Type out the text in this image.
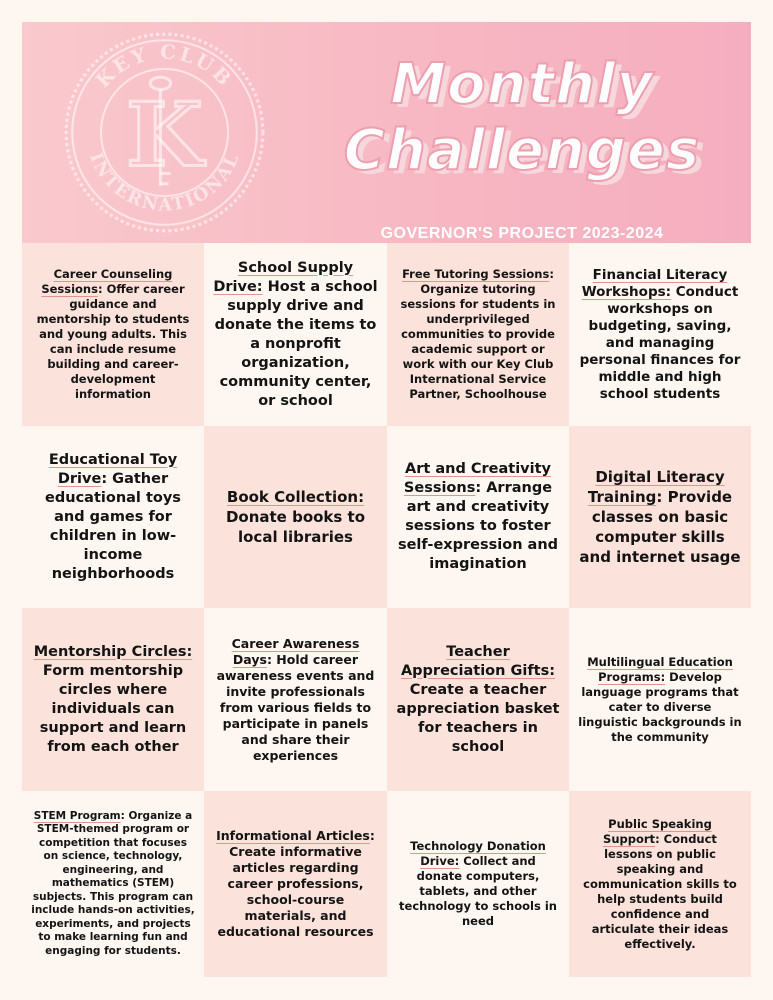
KEY CLUB
INTERNATIONAL
K	Monthly
Challenges
GOVERNOR'S PROJECT 2023-2024

Career Counseling Sessions: Offer career guidance and mentorship to students and young adults. This can include resume building and career-development information

School Supply Drive: Host a school supply drive and donate the items to a nonprofit organization, community center, or school

Free Tutoring Sessions: Organize tutoring sessions for students in underprivileged communities to provide academic support or work with our Key Club International Service Partner, Schoolhouse

Financial Literacy Workshops: Conduct workshops on budgeting, saving, and managing personal finances for middle and high school students

Educational Toy Drive: Gather educational toys and games for children in low-income neighborhoods

Book Collection: Donate books to local libraries

Art and Creativity Sessions: Arrange art and creativity sessions to foster self-expression and imagination

Digital Literacy Training: Provide classes on basic computer skills and internet usage

Mentorship Circles: Form mentorship circles where individuals can support and learn from each other

Career Awareness Days: Hold career awareness events and invite professionals from various fields to participate in panels and share their experiences

Teacher Appreciation Gifts: Create a teacher appreciation basket for teachers in school

Multilingual Education Programs: Develop language programs that cater to diverse linguistic backgrounds in the community

STEM Program: Organize a STEM-themed program or competition that focuses on science, technology, engineering, and mathematics (STEM) subjects. This program can include hands-on activities, experiments, and projects to make learning fun and engaging for students.

Informational Articles: Create informative articles regarding career professions, school-course materials, and educational resources

Technology Donation Drive: Collect and donate computers, tablets, and other technology to schools in need

Public Speaking Support: Conduct lessons on public speaking and communication skills to help students build confidence and articulate their ideas effectively.
